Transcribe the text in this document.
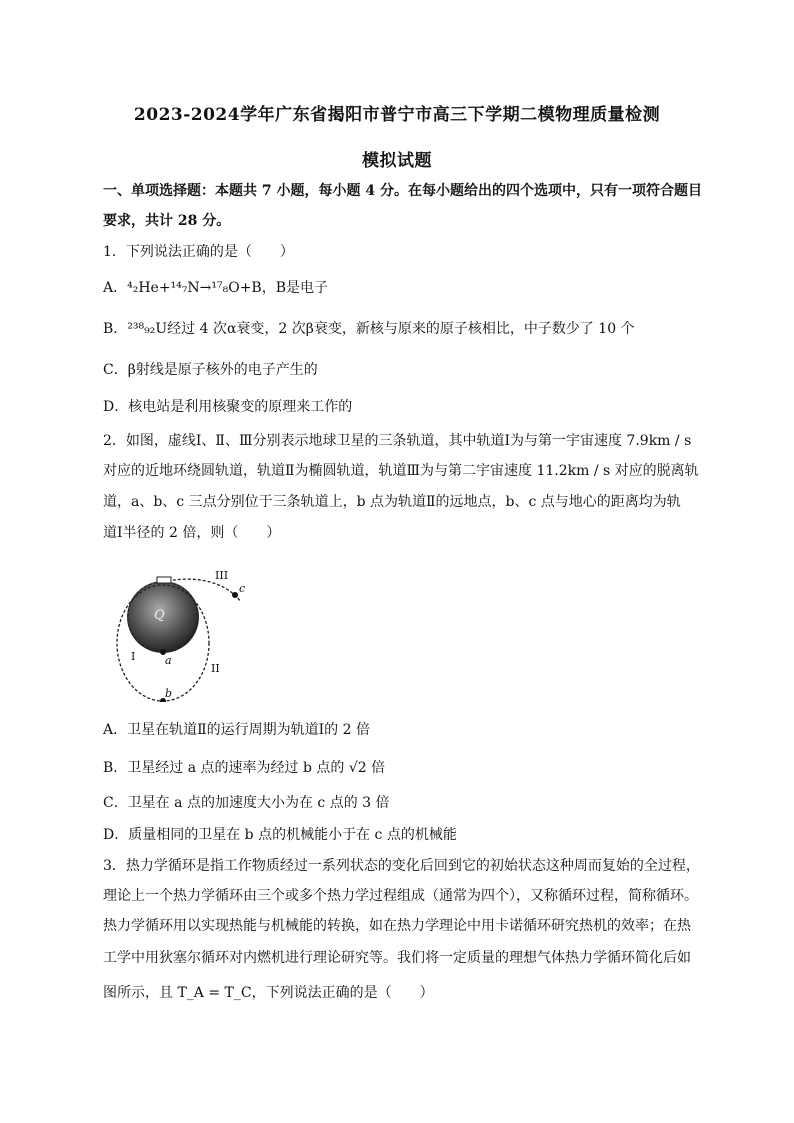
2023-2024学年广东省揭阳市普宁市高三下学期二模物理质量检测
模拟试题
一、单项选择题：本题共 7 小题，每小题 4 分。在每小题给出的四个选项中，只有一项符合题目
要求，共计 28 分。
1．下列说法正确的是（　　）
A．⁴₂He+¹⁴₇N→¹⁷₈O+B，B是电子
B．²³⁸₉₂U经过 4 次α衰变，2 次β衰变，新核与原来的原子核相比，中子数少了 10 个
C．β射线是原子核外的电子产生的
D．核电站是利用核聚变的原理来工作的
2．如图，虚线Ⅰ、Ⅱ、Ⅲ分别表示地球卫星的三条轨道，其中轨道Ⅰ为与第一宇宙速度 7.9km / s
对应的近地环绕圆轨道，轨道Ⅱ为椭圆轨道，轨道Ⅲ为与第二宇宙速度 11.2km / s 对应的脱离轨
道，a、b、c 三点分别位于三条轨道上，b 点为轨道Ⅱ的远地点，b、c 点与地心的距离均为轨
道Ⅰ半径的 2 倍，则（　　）
Q
I
II
III
a
b
c
A．卫星在轨道Ⅱ的运行周期为轨道Ⅰ的 2 倍
B．卫星经过 a 点的速率为经过 b 点的 √2 倍
C．卫星在 a 点的加速度大小为在 c 点的 3 倍
D．质量相同的卫星在 b 点的机械能小于在 c 点的机械能
3．热力学循环是指工作物质经过一系列状态的变化后回到它的初始状态这种周而复始的全过程，
理论上一个热力学循环由三个或多个热力学过程组成（通常为四个），又称循环过程，简称循环。
热力学循环用以实现热能与机械能的转换，如在热力学理论中用卡诺循环研究热机的效率；在热
工学中用狄塞尔循环对内燃机进行理论研究等。我们将一定质量的理想气体热力学循环简化后如
图所示，且 T_A = T_C，下列说法正确的是（　　）
